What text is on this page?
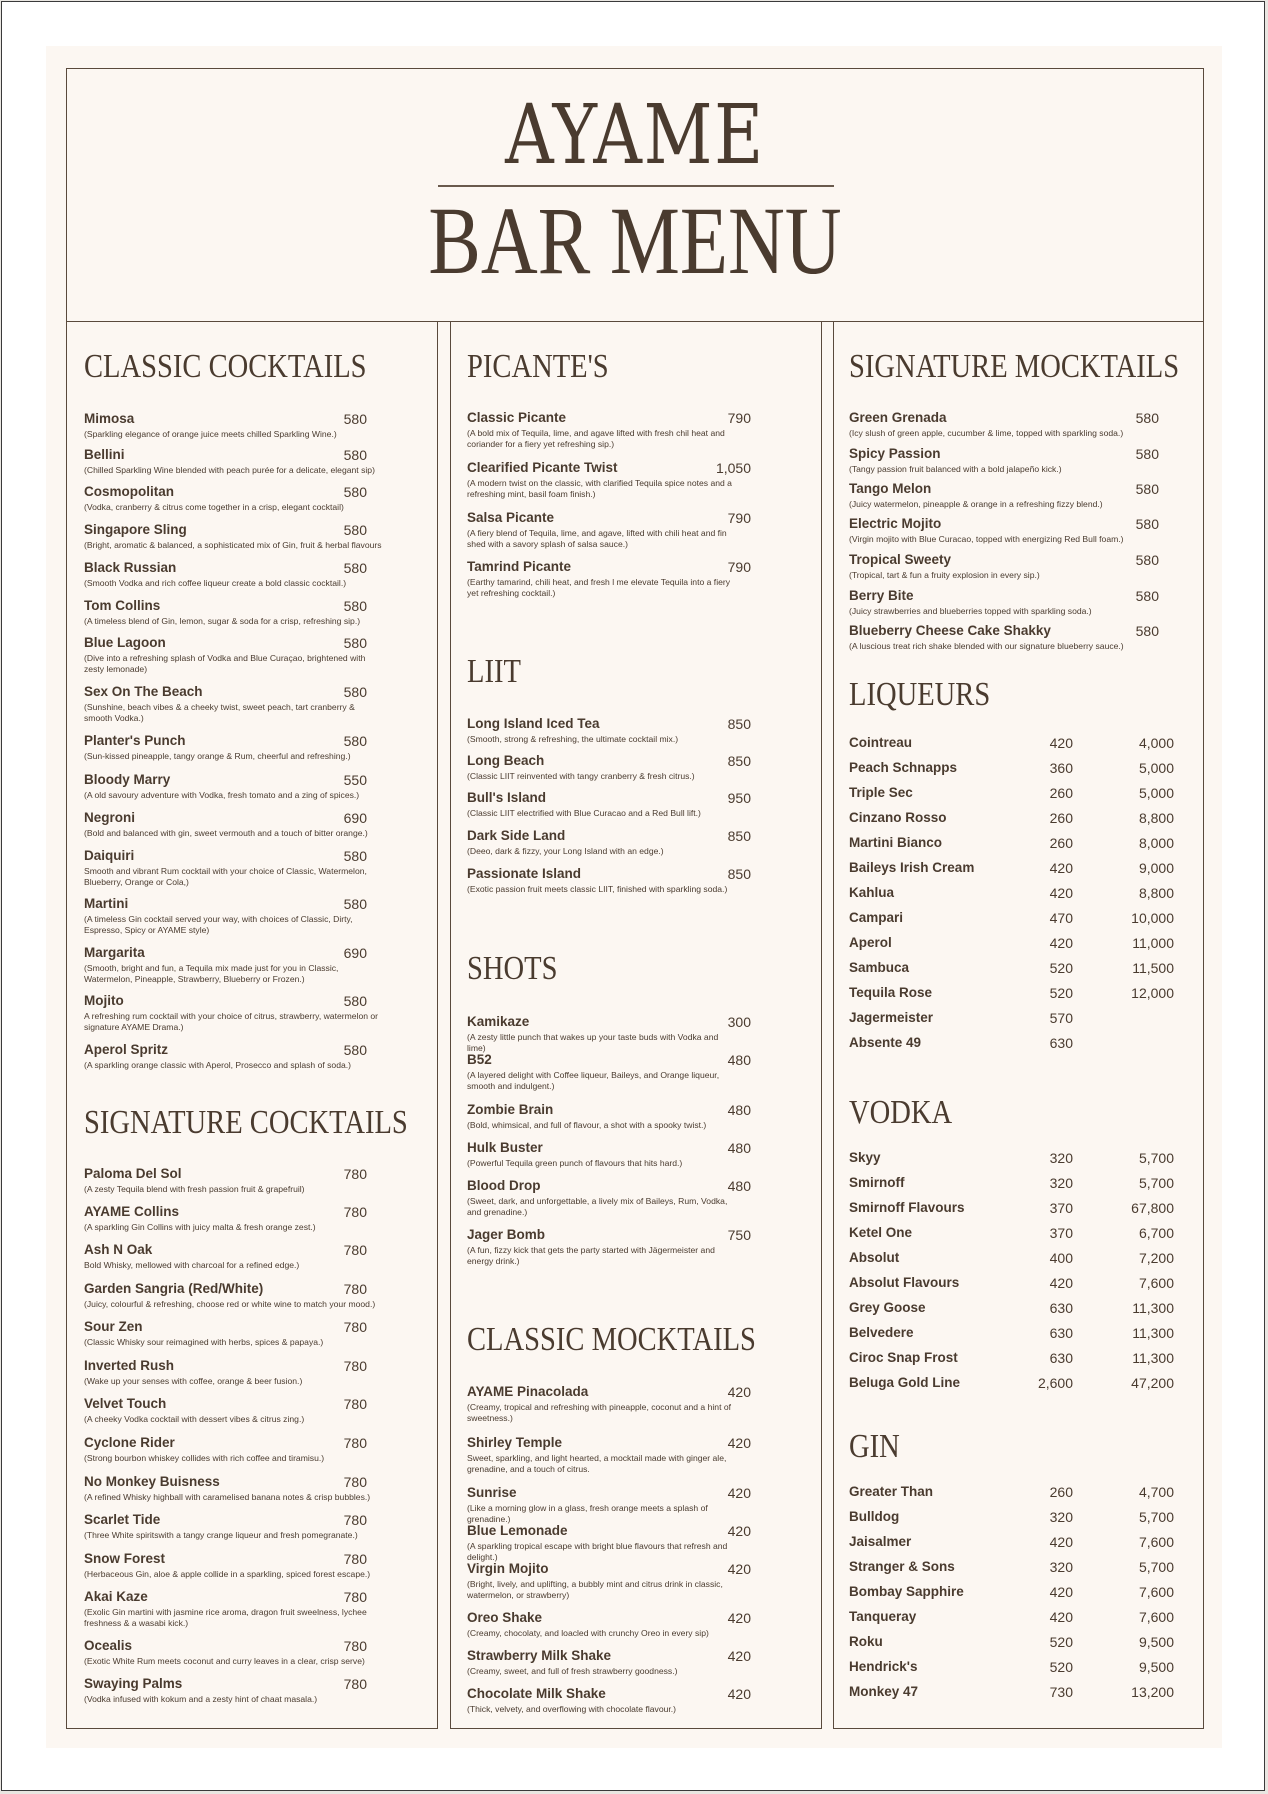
AYAME
BAR MENU
CLASSIC COCKTAILS
Mimosa	580
(Sparkling elegance of orange juice meets chilled Sparkling Wine.)
Bellini	580
(Chilled Sparkling Wine blended with peach purée for a delicate, elegant sip)
Cosmopolitan	580
(Vodka, cranberry & citrus come together in a crisp, elegant cocktail)
Singapore Sling	580
(Bright, aromatic & balanced, a sophisticated mix of Gin, fruit & herbal flavours
Black Russian	580
(Smooth Vodka and rich coffee liqueur create a bold classic cocktail.)
Tom Collins	580
(A timeless blend of Gin, lemon, sugar & soda for a crisp, refreshing sip.)
Blue Lagoon	580
(Dive into a refreshing splash of Vodka and Blue Curaçao, brightened with zesty lemonade)
Sex On The Beach	580
(Sunshine, beach vibes & a cheeky twist, sweet peach, tart cranberry & smooth Vodka.)
Planter's Punch	580
(Sun-kissed pineapple, tangy orange & Rum, cheerful and refreshing.)
Bloody Marry	550
(A old savoury adventure with Vodka, fresh tomato and a zing of spices.)
Negroni	690
(Bold and balanced with gin, sweet vermouth and a touch of bitter orange.)
Daiquiri	580
Smooth and vibrant Rum cocktail with your choice of Classic, Watermelon, Blueberry, Orange or Cola,)
Martini	580
(A timeless Gin cocktail served your way, with choices of Classic, Dirty, Espresso, Spicy or AYAME style)
Margarita	690
(Smooth, bright and fun, a Tequila mix made just for you in Classic, Watermelon, Pineapple, Strawberry, Blueberry or Frozen.)
Mojito	580
A refreshing rum cocktail with your choice of citrus, strawberry, watermelon or signature AYAME Drama.)
Aperol Spritz	580
(A sparkling orange classic with Aperol, Prosecco and splash of soda.)
SIGNATURE COCKTAILS
Paloma Del Sol	780
(A zesty Tequila blend with fresh passion fruit & grapefruil)
AYAME Collins	780
(A sparkling Gin Collins with juicy malta & fresh orange zest.)
Ash N Oak	780
Bold Whisky, mellowed with charcoal for a refined edge.)
Garden Sangria (Red/White)	780
(Juicy, colourful & refreshing, choose red or white wine to match your mood.)
Sour Zen	780
(Classic Whisky sour reimagined with herbs, spices & papaya.)
Inverted Rush	780
(Wake up your senses with coffee, orange & beer fusion.)
Velvet Touch	780
(A cheeky Vodka cocktail with dessert vibes & citrus zing.)
Cyclone Rider	780
(Strong bourbon whiskey collides with rich coffee and tiramisu.)
No Monkey Buisness	780
(A refined Whisky highball with caramelised banana notes & crisp bubbles.)
Scarlet Tide	780
(Three White spiritswith a tangy crange liqueur and fresh pomegranate.)
Snow Forest	780
(Herbaceous Gin, aloe & apple collide in a sparkling, spiced forest escape.)
Akai Kaze	780
(Exolic Gin martini with jasmine rice aroma, dragon fruit sweelness, lychee freshness & a wasabi kick.)
Ocealis	780
(Exotic White Rum meets coconut and curry leaves in a clear, crisp serve)
Swaying Palms	780
(Vodka infused with kokum and a zesty hint of chaat masala.)
PICANTE'S
Classic Picante	790
(A bold mix of Tequila, lime, and agave lifted with fresh chil heat and coriander for a fiery yet refreshing sip.)
Clearified Picante Twist	1,050
(A modern twist on the classic, with clarified Tequila spice notes and a refreshing mint, basil foam finish.)
Salsa Picante	790
(A fiery blend of Tequila, lime, and agave, lifted with chili heat and fin shed with a savory splash of salsa sauce.)
Tamrind Picante	790
(Earthy tamarind, chili heat, and fresh l me elevate Tequila into a fiery yet refreshing cocktail.)
LIIT
Long Island Iced Tea	850
(Smooth, strong & refreshing, the ultimate cocktail mix.)
Long Beach	850
(Classic LIIT reinvented with tangy cranberry & fresh citrus.)
Bull's Island	950
(Classic LIIT electrified with Blue Curacao and a Red Bull lift.)
Dark Side Land	850
(Deeo, dark & fizzy, your Long Island with an edge.)
Passionate Island	850
(Exotic passion fruit meets classic LIIT, finished with sparkling soda.)
SHOTS
Kamikaze	300
(A zesty little punch that wakes up your taste buds with Vodka and lime)
B52	480
(A layered delight with Coffee liqueur, Baileys, and Orange liqueur, smooth and indulgent.)
Zombie Brain	480
(Bold, whimsical, and full of flavour, a shot with a spooky twist.)
Hulk Buster	480
(Powerful Tequila green punch of flavours that hits hard.)
Blood Drop	480
(Sweet, dark, and unforgettable, a lively mix of Baileys, Rum, Vodka, and grenadine.)
Jager Bomb	750
(A fun, fizzy kick that gets the party started with Jägermeister and energy drink.)
CLASSIC MOCKTAILS
AYAME Pinacolada	420
(Creamy, tropical and refreshing with pineapple, coconut and a hint of sweetness.)
Shirley Temple	420
Sweet, sparkling, and light hearted, a mocktail made with ginger ale, grenadine, and a touch of citrus.
Sunrise	420
(Like a morning glow in a glass, fresh orange meets a splash of grenadine.)
Blue Lemonade	420
(A sparkling tropical escape with bright blue flavours that refresh and delight.)
Virgin Mojito	420
(Bright, lively, and uplifting, a bubbly mint and citrus drink in classic, watermelon, or strawberry)
Oreo Shake	420
(Creamy, chocolaty, and loacled with crunchy Oreo in every sip)
Strawberry Milk Shake	420
(Creamy, sweet, and full of fresh strawberry goodness.)
Chocolate Milk Shake	420
(Thick, velvety, and overflowing with chocolate flavour.)
SIGNATURE MOCKTAILS
Green Grenada	580
(Icy slush of green apple, cucumber & lime, topped with sparkling soda.)
Spicy Passion	580
(Tangy passion fruit balanced with a bold jalapeño kick.)
Tango Melon	580
(Juicy watermelon, pineapple & orange in a refreshing fizzy blend.)
Electric Mojito	580
(Virgin mojito with Blue Curacao, topped with energizing Red Bull foam.)
Tropical Sweety	580
(Tropical, tart & fun a fruity explosion in every sip.)
Berry Bite	580
(Juicy strawberries and blueberries topped with sparkling soda.)
Blueberry Cheese Cake Shakky	580
(A luscious treat rich shake blended with our signature blueberry sauce.)
LIQUEURS
Cointreau	420	4,000
Peach Schnapps	360	5,000
Triple Sec	260	5,000
Cinzano Rosso	260	8,800
Martini Bianco	260	8,000
Baileys Irish Cream	420	9,000
Kahlua	420	8,800
Campari	470	10,000
Aperol	420	11,000
Sambuca	520	11,500
Tequila Rose	520	12,000
Jagermeister	570
Absente 49	630
VODKA
Skyy	320	5,700
Smirnoff	320	5,700
Smirnoff Flavours	370	67,800
Ketel One	370	6,700
Absolut	400	7,200
Absolut Flavours	420	7,600
Grey Goose	630	11,300
Belvedere	630	11,300
Ciroc Snap Frost	630	11,300
Beluga Gold Line	2,600	47,200
GIN
Greater Than	260	4,700
Bulldog	320	5,700
Jaisalmer	420	7,600
Stranger & Sons	320	5,700
Bombay Sapphire	420	7,600
Tanqueray	420	7,600
Roku	520	9,500
Hendrick's	520	9,500
Monkey 47	730	13,200
